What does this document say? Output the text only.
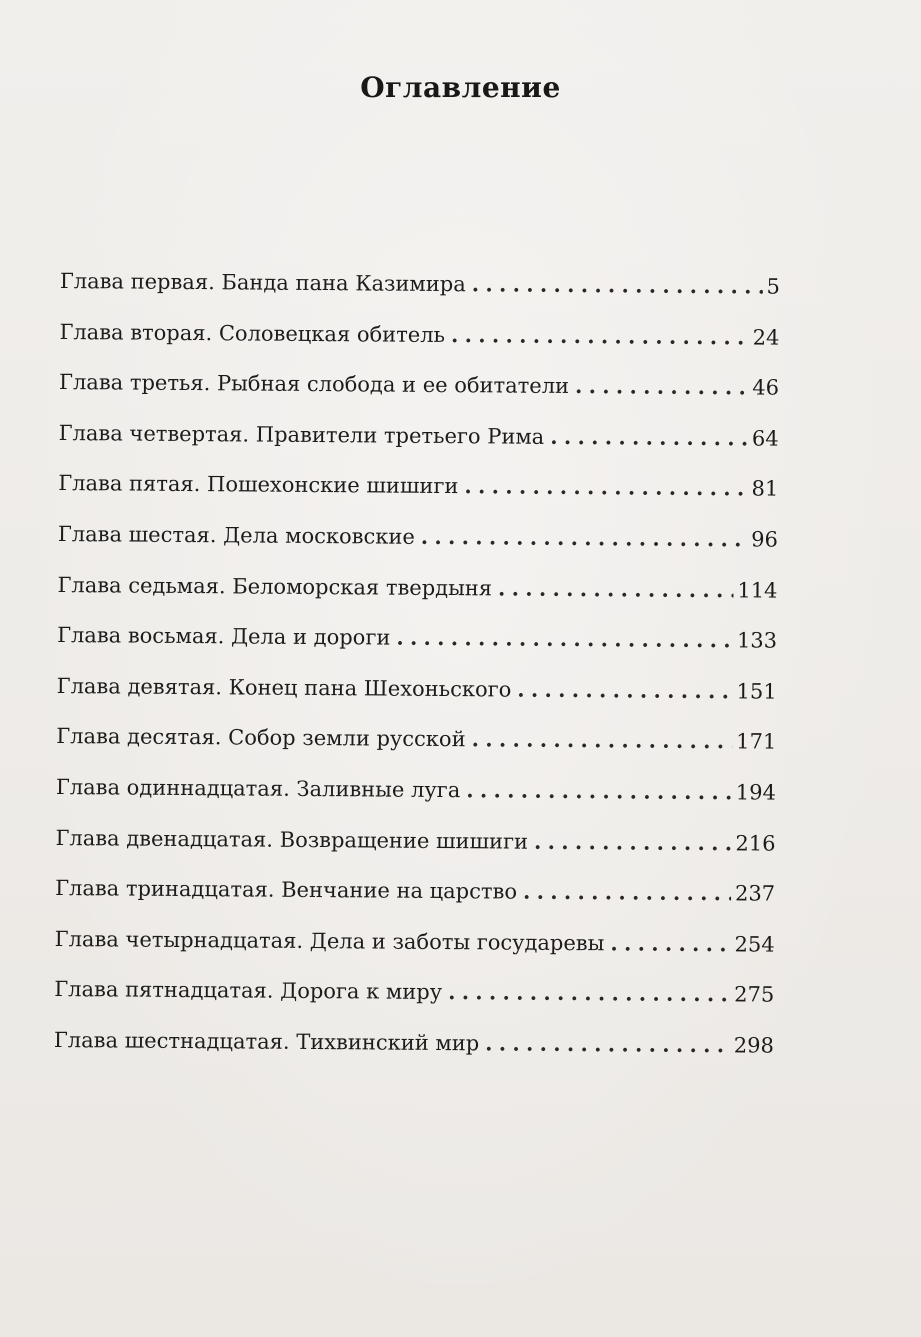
Оглавление
Глава первая. Банда пана Казимира . . .	5
Глава вторая. Соловецкая обитель . . .	24
Глава третья. Рыбная слобода и ее обитатели . . .	46
Глава четвертая. Правители третьего Рима . . .	64
Глава пятая. Пошехонские шишиги . . .	81
Глава шестая. Дела московские . . .	96
Глава седьмая. Беломорская твердыня . . .	114
Глава восьмая. Дела и дороги . . .	133
Глава девятая. Конец пана Шехоньского . . .	151
Глава десятая. Собор земли русской . . .	171
Глава одиннадцатая. Заливные луга . . .	194
Глава двенадцатая. Возвращение шишиги . . .	216
Глава тринадцатая. Венчание на царство . . .	237
Глава четырнадцатая. Дела и заботы государевы . . .	254
Глава пятнадцатая. Дорога к миру . . .	275
Глава шестнадцатая. Тихвинский мир . . .	298
